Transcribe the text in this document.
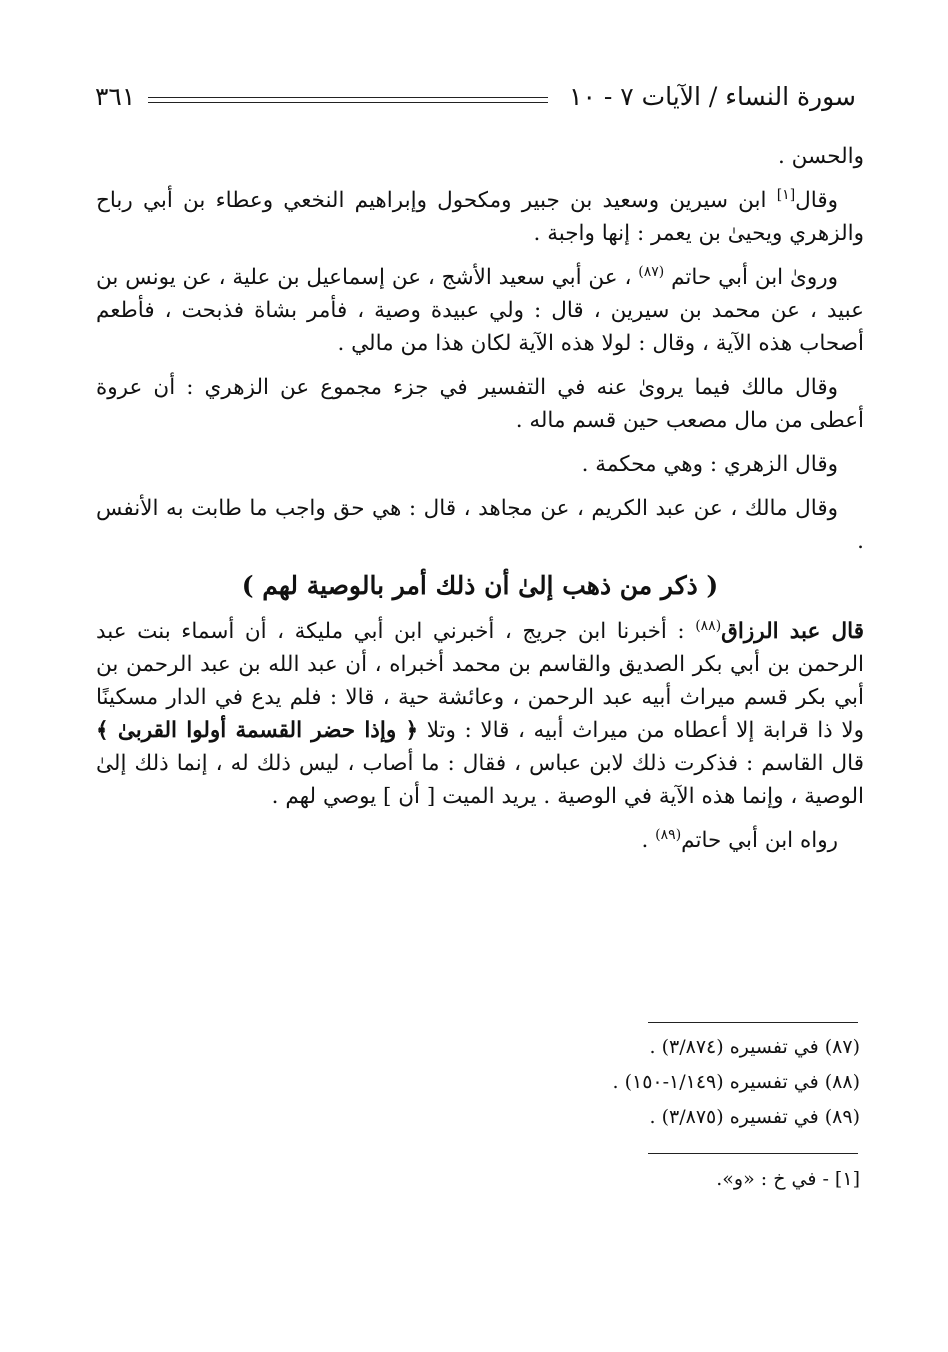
سورة النساء / الآيات ٧ - ١٠
٣٦١

والحسن .

وقال[١] ابن سيرين وسعيد بن جبير ومكحول وإبراهيم النخعي وعطاء بن أبي رباح والزهري ويحيىٰ بن يعمر : إنها واجبة .

ورو‌ىٰ ابن أبي حاتم $^{(٨٧)}$ ، عن أبي سعيد الأشج ، عن إسماعيل بن علية ، عن يونس بن عبيد ، عن محمد بن سيرين ، قال : ولي عبيدة وصية ، فأمر بشاة فذبحت ، فأطعم أصحاب هذه الآية ، وقال : لولا هذه الآية لكان هذا من مالي .

وقال مالك فيما يروىٰ عنه في التفسير في جزء مجموع عن الزهري : أن عروة أعطى من مال مصعب حين قسم ماله .

وقال الزهري : وهي محكمة .

وقال مالك ، عن عبد الكريم ، عن مجاهد ، قال : هي حق واجب ما طابت به الأنفس .

( ذكر من ذهب إلىٰ أن ذلك أمر بالوصية لهم )

قال عبد الرزاق$^{(٨٨)}$ : أخبرنا ابن جريج ، أخبرني ابن أبي مليكة ، أن أسماء بنت عبد الرحمن بن أبي بكر الصديق والقاسم بن محمد أخبراه ، أن عبد الله بن عبد الرحمن بن أبي بكر قسم ميراث أبيه عبد الرحمن ، وعائشة حية ، قالا : فلم يدع في الدار مسكينًا ولا ذا قرابة إلا أعطاه من ميراث أبيه ، قالا : وتلا ﴿ وإذا حضر القسمة أولوا القربىٰ ﴾ قال القاسم : فذكرت ذلك لابن عباس ، فقال : ما أصاب ، ليس ذلك له ، إنما ذلك إلىٰ الوصية ، وإنما هذه الآية في الوصية . يريد الميت [ أن ] يوصي لهم .

رواه ابن أبي حاتم$^{(٨٩)}$ .

(٨٧) في تفسيره (٣/٨٧٤) .
(٨٨) في تفسيره (١/١٤٩-١٥٠) .
(٨٩) في تفسيره (٣/٨٧٥) .
[١] - في خ : «و».
